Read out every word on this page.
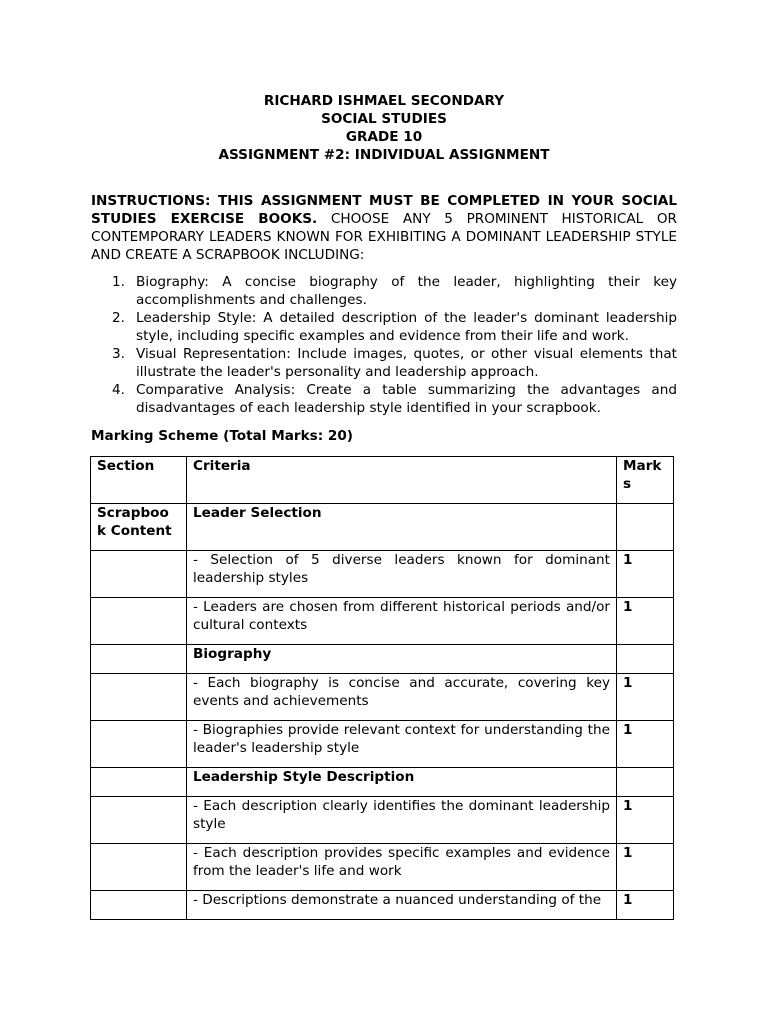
RICHARD ISHMAEL SECONDARY
SOCIAL STUDIES
GRADE 10
ASSIGNMENT #2: INDIVIDUAL ASSIGNMENT
INSTRUCTIONS: THIS ASSIGNMENT MUST BE COMPLETED IN YOUR SOCIAL STUDIES EXERCISE BOOKS. CHOOSE ANY 5 PROMINENT HISTORICAL OR CONTEMPORARY LEADERS KNOWN FOR EXHIBITING A DOMINANT LEADERSHIP STYLE AND CREATE A SCRAPBOOK INCLUDING:
1. Biography: A concise biography of the leader, highlighting their key accomplishments and challenges.
2. Leadership Style: A detailed description of the leader's dominant leadership style, including specific examples and evidence from their life and work.
3. Visual Representation: Include images, quotes, or other visual elements that illustrate the leader's personality and leadership approach.
4. Comparative Analysis: Create a table summarizing the advantages and disadvantages of each leadership style identified in your scrapbook.
Marking Scheme (Total Marks: 20)
Section	Criteria	Mark s
Scrapboo k Content	Leader Selection	
	- Selection of 5 diverse leaders known for dominant leadership styles	1
	- Leaders are chosen from different historical periods and/or cultural contexts	1
	Biography	
	- Each biography is concise and accurate, covering key events and achievements	1
	- Biographies provide relevant context for understanding the leader's leadership style	1
	Leadership Style Description	
	- Each description clearly identifies the dominant leadership style	1
	- Each description provides specific examples and evidence from the leader's life and work	1
	- Descriptions demonstrate a nuanced understanding of the	1
